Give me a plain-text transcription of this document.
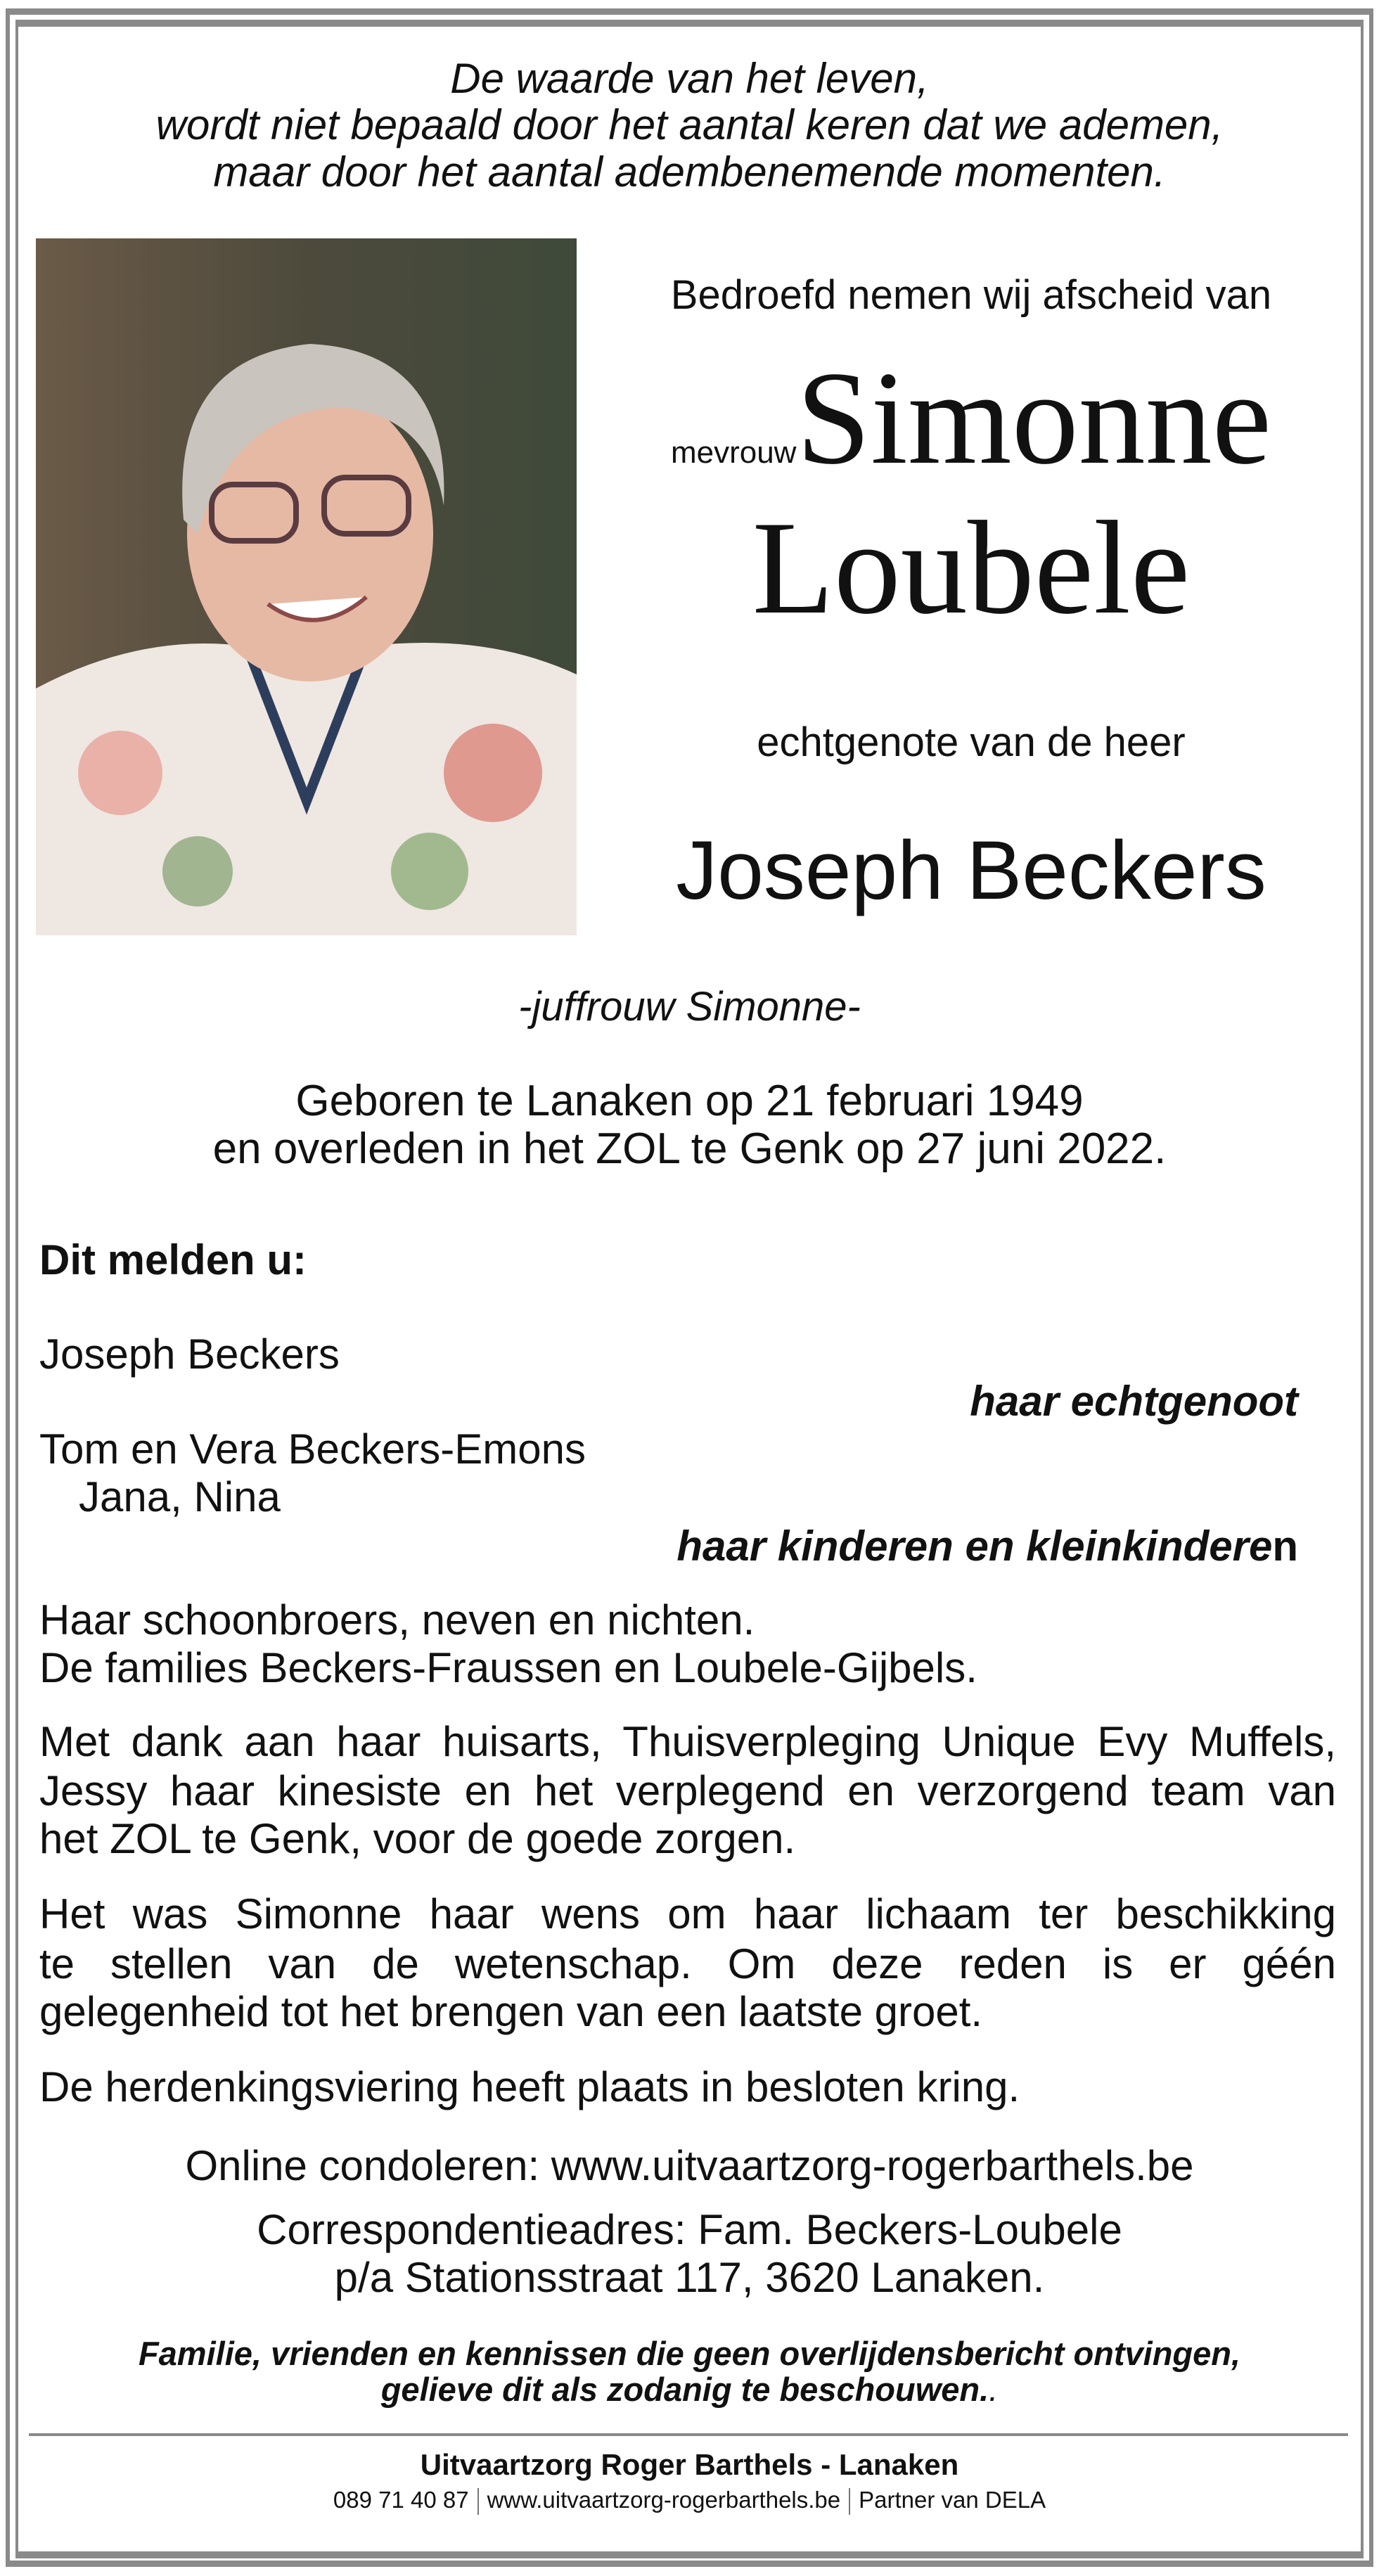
De waarde van het leven,
wordt niet bepaald door het aantal keren dat we ademen,
maar door het aantal adembenemende momenten.
Bedroefd nemen wij afscheid van
mevrouw Simonne
Loubele
echtgenote van de heer
Joseph Beckers
-juffrouw Simonne-
Geboren te Lanaken op 21 februari 1949
en overleden in het ZOL te Genk op 27 juni 2022.
Dit melden u:
Joseph Beckers
haar echtgenoot
Tom en Vera Beckers-Emons
Jana, Nina
haar kinderen en kleinkinderen
Haar schoonbroers, neven en nichten.
De families Beckers-Fraussen en Loubele-Gijbels.
Met dank aan haar huisarts, Thuisverpleging Unique Evy Muffels,
Jessy haar kinesiste en het verplegend en verzorgend team van
het ZOL te Genk, voor de goede zorgen.
Het was Simonne haar wens om haar lichaam ter beschikking
te stellen van de wetenschap. Om deze reden is er géén
gelegenheid tot het brengen van een laatste groet.
De herdenkingsviering heeft plaats in besloten kring.
Online condoleren: www.uitvaartzorg-rogerbarthels.be
Correspondentieadres: Fam. Beckers-Loubele
p/a Stationsstraat 117, 3620 Lanaken.
Familie, vrienden en kennissen die geen overlijdensbericht ontvingen,
gelieve dit als zodanig te beschouwen..
Uitvaartzorg Roger Barthels - Lanaken
089 71 40 87 www.uitvaartzorg-rogerbarthels.be Partner van DELA
